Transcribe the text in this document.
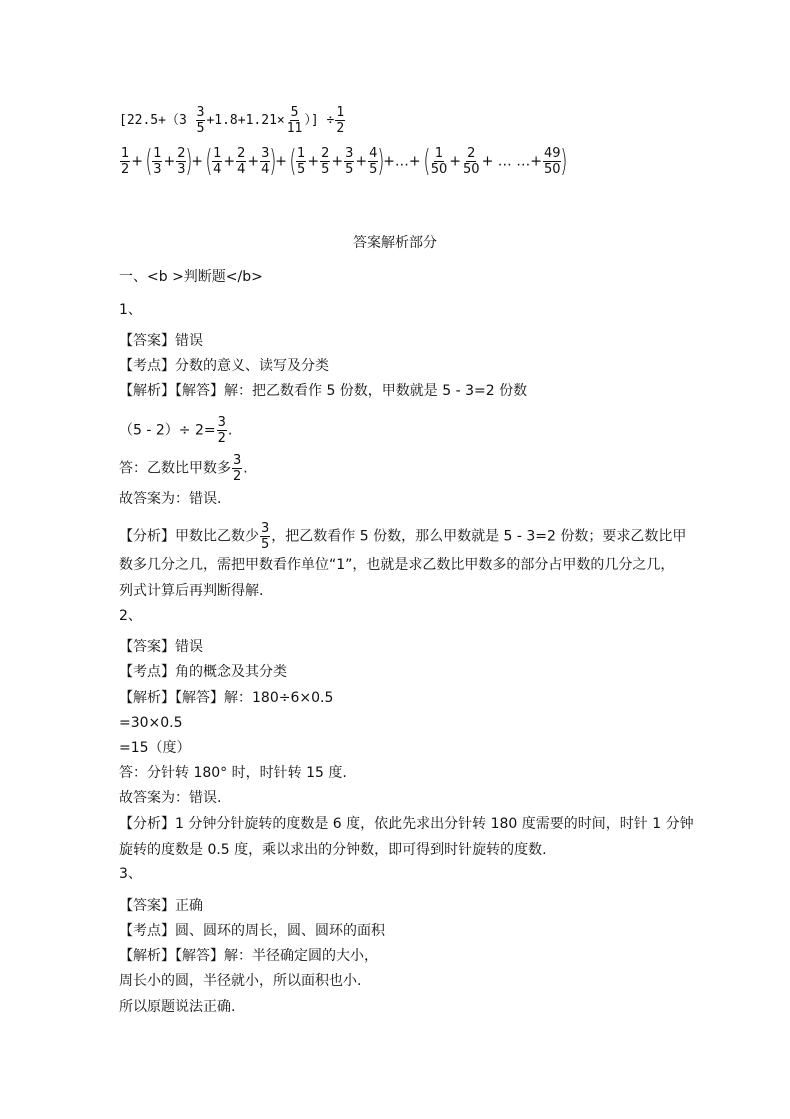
[$22.5+(3 \frac{3}{5} +1.8+1.21\times \frac{5}{11}$ ）] ÷ $\frac{1}{2}$
$\frac{1}{2}$ + ( $\frac{1}{3} + \frac{2}{3}$ )+ ( $\frac{1}{4} + \frac{2}{4} + \frac{3}{4}$ )+ ( $\frac{1}{5} + \frac{2}{5} + \frac{3}{5} + \frac{4}{5}$ )+…+ ( $\frac{1}{50} + \frac{2}{50}$ + … …+ $\frac{49}{50}$ )
答案解析部分
一、<b >判断题</b>
1、
【答案】错误
【考点】分数的意义、读写及分类
【解析】【解答】解：把乙数看作 5 份数，甲数就是 5 - 3=2 份数
$(5 - 2)\div 2= \frac{3}{2}$ .
答：乙数比甲数多 $\frac{3}{2}$ .
故答案为：错误.
【分析】甲数比乙数少 $\frac{3}{5}$ ，把乙数看作 5 份数，那么甲数就是 5 - 3=2 份数；要求乙数比甲
数多几分之几，需把甲数看作单位“1”，也就是求乙数比甲数多的部分占甲数的几分之几，
列式计算后再判断得解.
2、
【答案】错误
【考点】角的概念及其分类
【解析】【解答】解：180÷6×0.5
=30×0.5
=15（度）
答：分针转 180° 时，时针转 15 度.
故答案为：错误.
【分析】1 分钟分针旋转的度数是 6 度，依此先求出分针转 180 度需要的时间，时针 1 分钟
旋转的度数是 0.5 度，乘以求出的分钟数，即可得到时针旋转的度数.
3、
【答案】正确
【考点】圆、圆环的周长，圆、圆环的面积
【解析】【解答】解：半径确定圆的大小，
周长小的圆，半径就小，所以面积也小.
所以原题说法正确.
